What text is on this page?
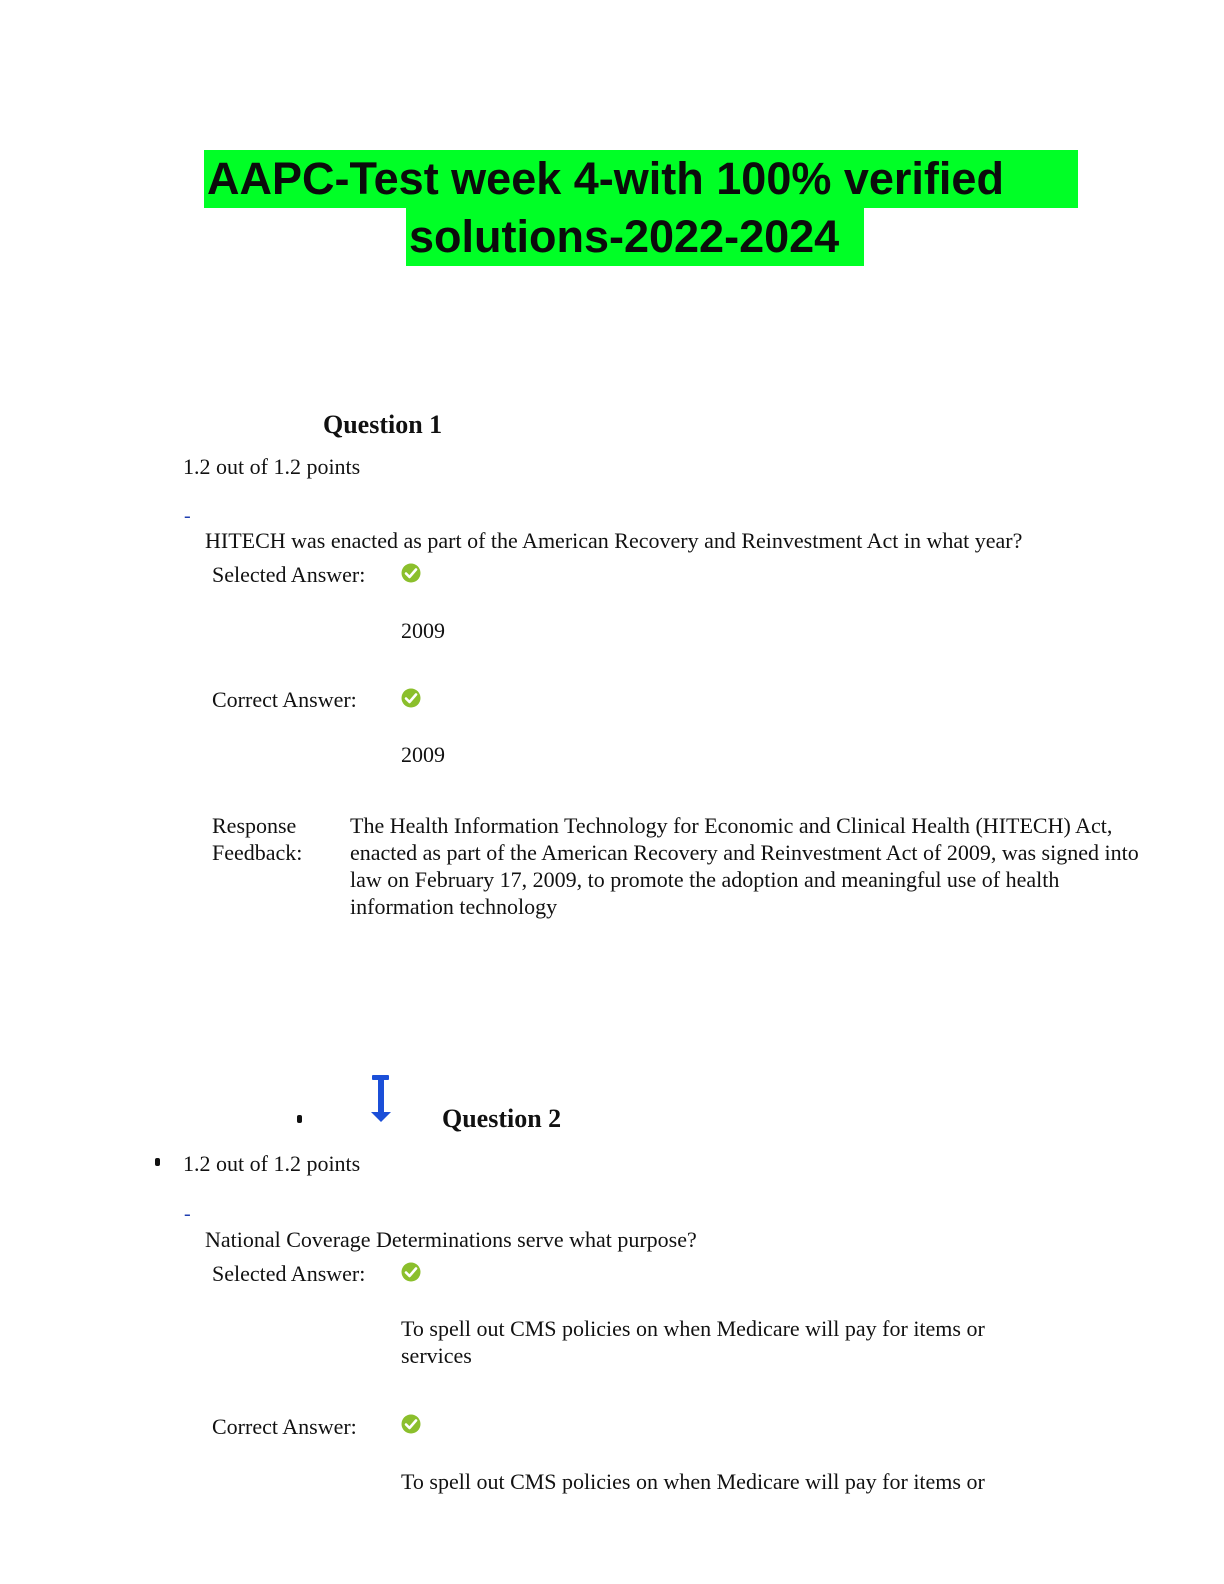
AAPC-Test week 4-with 100% verified
solutions-2022-2024
Question 1
1.2 out of 1.2 points
-
HITECH was enacted as part of the American Recovery and Reinvestment Act in what year?
Selected Answer:
2009
Correct Answer:
2009
Response
Feedback:
The Health Information Technology for Economic and Clinical Health (HITECH) Act, enacted as part of the American Recovery and Reinvestment Act of 2009, was signed into law on February 17, 2009, to promote the adoption and meaningful use of health information technology
Question 2
1.2 out of 1.2 points
-
National Coverage Determinations serve what purpose?
Selected Answer:
To spell out CMS policies on when Medicare will pay for items or services
Correct Answer:
To spell out CMS policies on when Medicare will pay for items or
